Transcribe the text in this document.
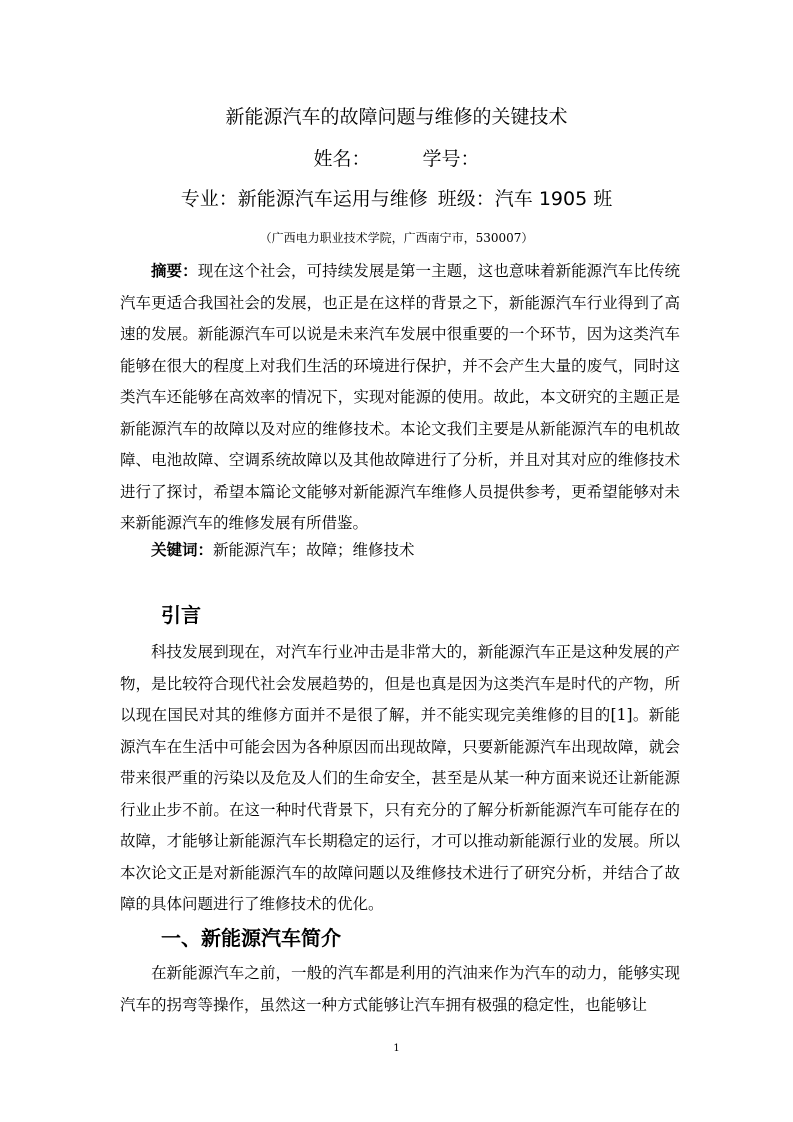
新能源汽车的故障问题与维修的关键技术
姓名：	学号：
专业：新能源汽车运用与维修 班级：汽车 1905 班
（广西电力职业技术学院，广西南宁市，530007）

摘要：现在这个社会，可持续发展是第一主题，这也意味着新能源汽车比传统汽车更适合我国社会的发展，也正是在这样的背景之下，新能源汽车行业得到了高速的发展。新能源汽车可以说是未来汽车发展中很重要的一个环节，因为这类汽车能够在很大的程度上对我们生活的环境进行保护，并不会产生大量的废气，同时这类汽车还能够在高效率的情况下，实现对能源的使用。故此，本文研究的主题正是新能源汽车的故障以及对应的维修技术。本论文我们主要是从新能源汽车的电机故障、电池故障、空调系统故障以及其他故障进行了分析，并且对其对应的维修技术进行了探讨，希望本篇论文能够对新能源汽车维修人员提供参考，更希望能够对未来新能源汽车的维修发展有所借鉴。

关键词：新能源汽车；故障；维修技术

引言

科技发展到现在，对汽车行业冲击是非常大的，新能源汽车正是这种发展的产物，是比较符合现代社会发展趋势的，但是也真是因为这类汽车是时代的产物，所以现在国民对其的维修方面并不是很了解，并不能实现完美维修的目的[1]。新能源汽车在生活中可能会因为各种原因而出现故障，只要新能源汽车出现故障，就会带来很严重的污染以及危及人们的生命安全，甚至是从某一种方面来说还让新能源行业止步不前。在这一种时代背景下，只有充分的了解分析新能源汽车可能存在的故障，才能够让新能源汽车长期稳定的运行，才可以推动新能源行业的发展。所以本次论文正是对新能源汽车的故障问题以及维修技术进行了研究分析，并结合了故障的具体问题进行了维修技术的优化。

一、新能源汽车简介

在新能源汽车之前，一般的汽车都是利用的汽油来作为汽车的动力，能够实现汽车的拐弯等操作，虽然这一种方式能够让汽车拥有极强的稳定性，也能够让

1
